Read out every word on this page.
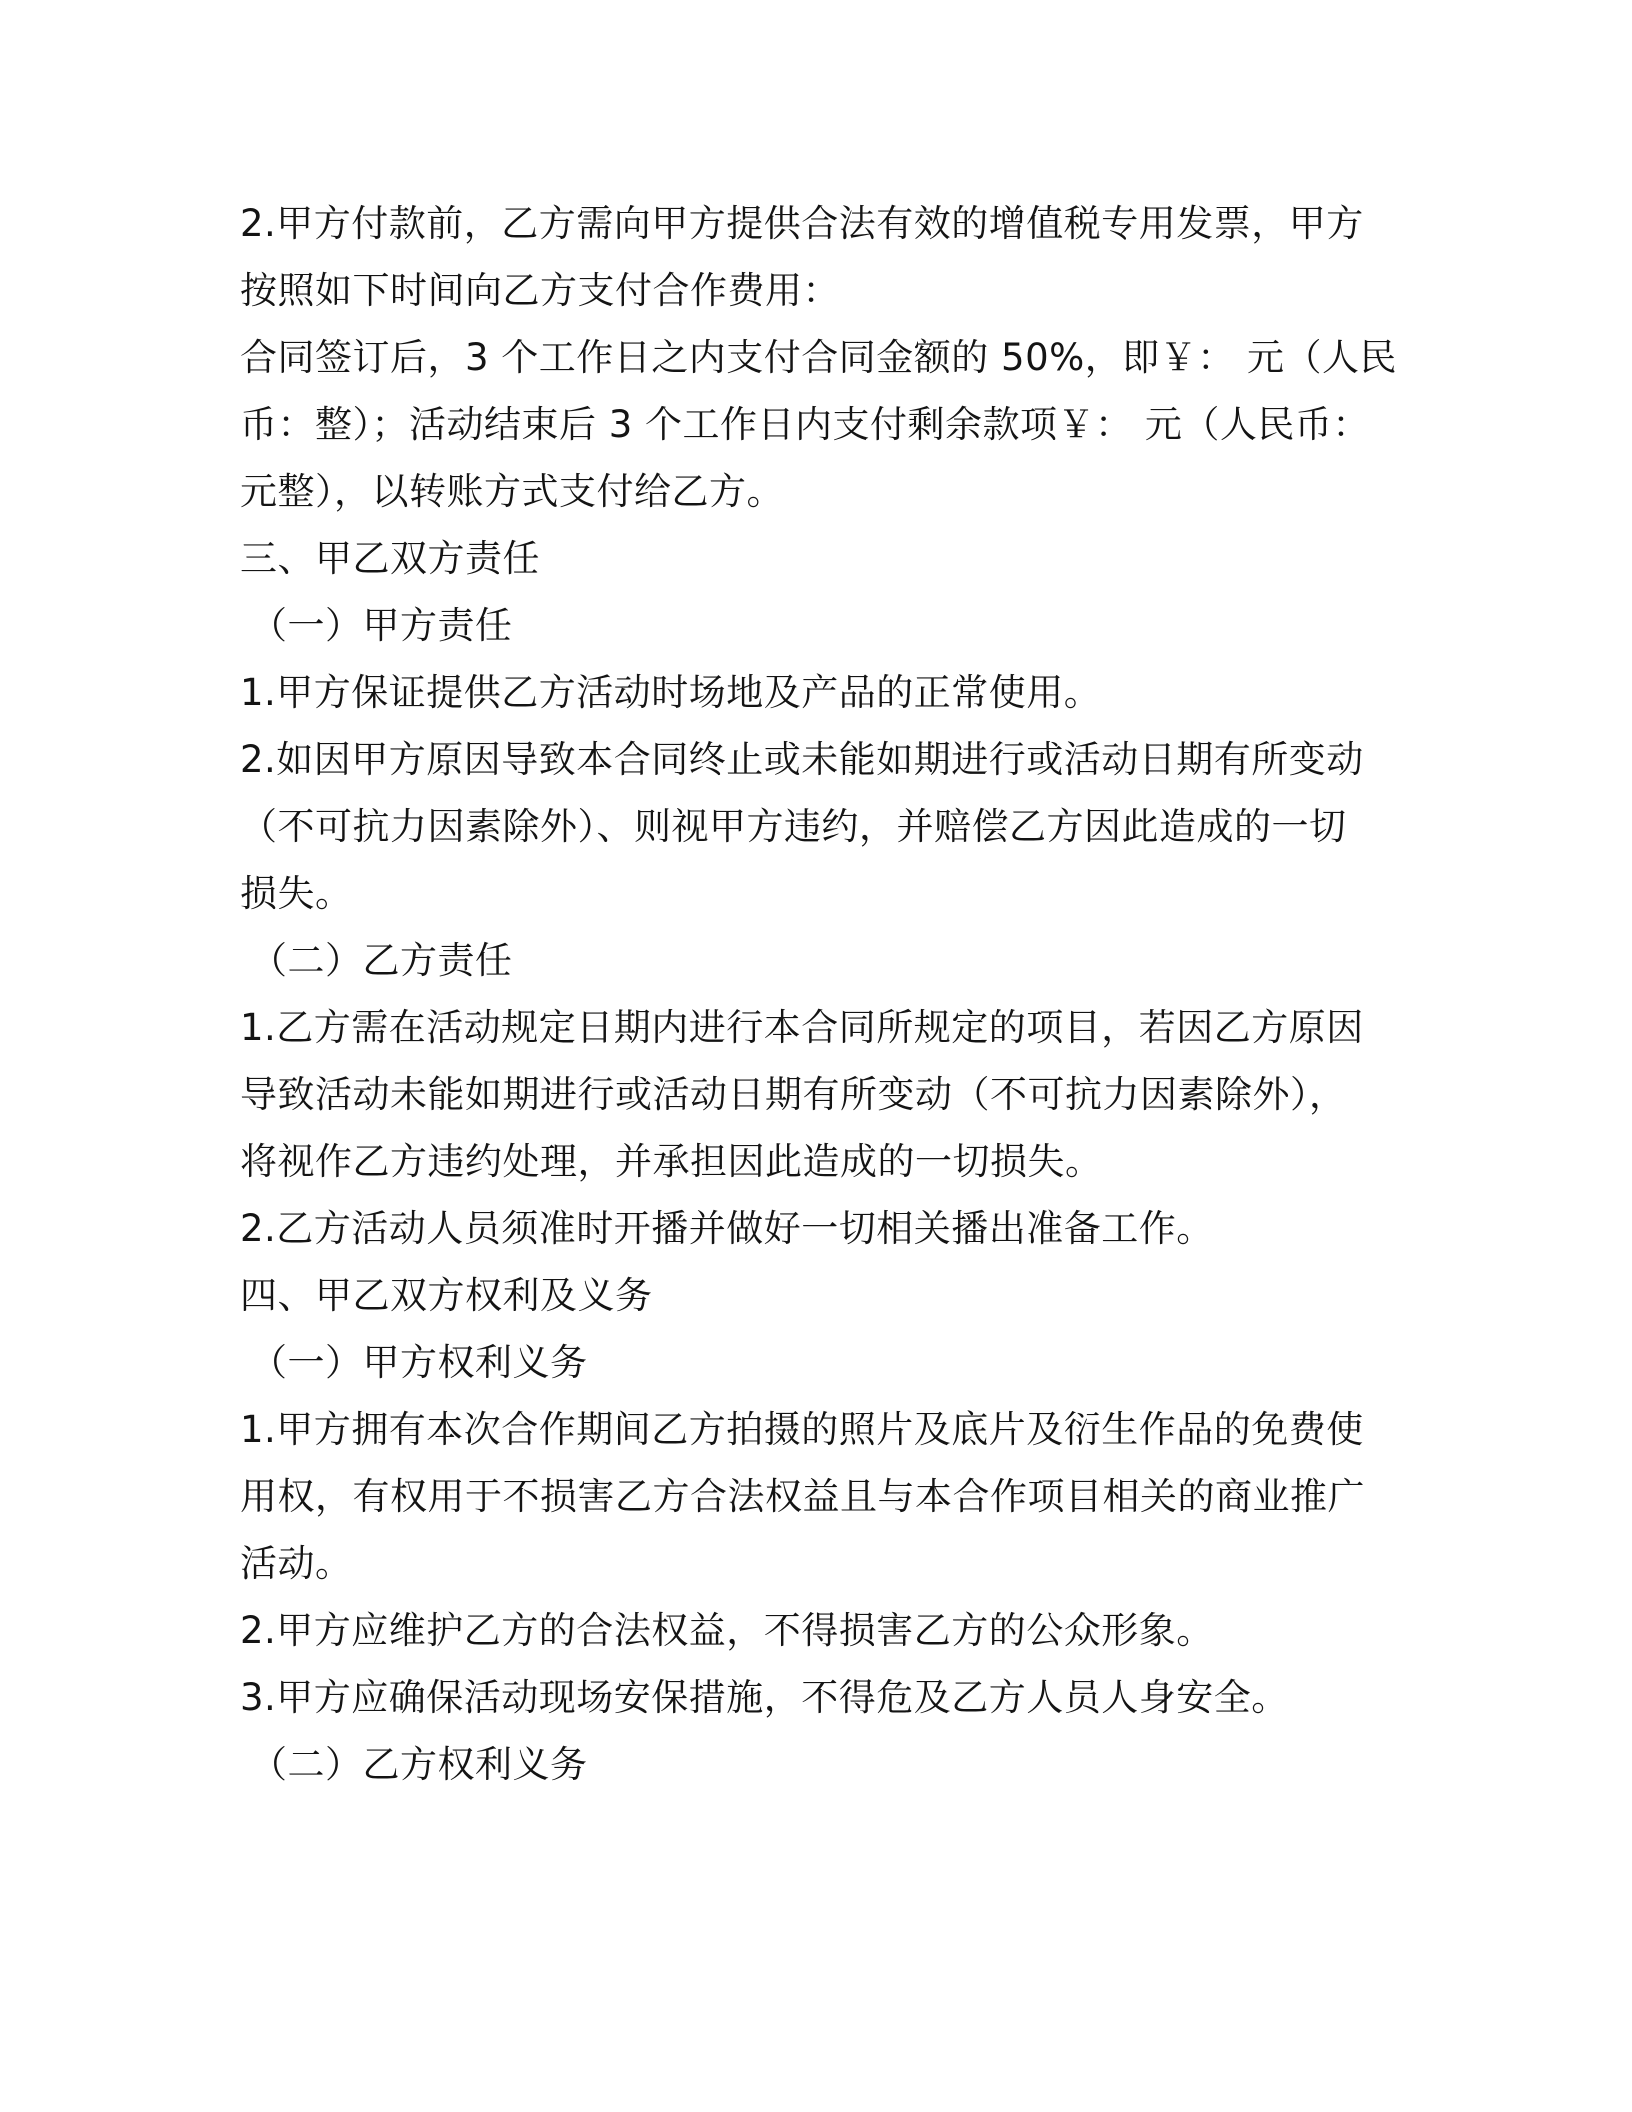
2.甲方付款前，乙方需向甲方提供合法有效的增值税专用发票，甲方

按照如下时间向乙方支付合作费用：

合同签订后，3 个工作日之内支付合同金额的 50%，即￥： 元（人民

币：整）；活动结束后 3 个工作日内支付剩余款项￥： 元（人民币：

元整），以转账方式支付给乙方。

三、甲乙双方责任

（一）甲方责任

1.甲方保证提供乙方活动时场地及产品的正常使用。

2.如因甲方原因导致本合同终止或未能如期进行或活动日期有所变动

（不可抗力因素除外）、则视甲方违约，并赔偿乙方因此造成的一切

损失。

（二）乙方责任

1.乙方需在活动规定日期内进行本合同所规定的项目，若因乙方原因

导致活动未能如期进行或活动日期有所变动（不可抗力因素除外），

将视作乙方违约处理，并承担因此造成的一切损失。

2.乙方活动人员须准时开播并做好一切相关播出准备工作。

四、甲乙双方权利及义务

（一）甲方权利义务

1.甲方拥有本次合作期间乙方拍摄的照片及底片及衍生作品的免费使

用权，有权用于不损害乙方合法权益且与本合作项目相关的商业推广

活动。

2.甲方应维护乙方的合法权益，不得损害乙方的公众形象。

3.甲方应确保活动现场安保措施，不得危及乙方人员人身安全。

（二）乙方权利义务
